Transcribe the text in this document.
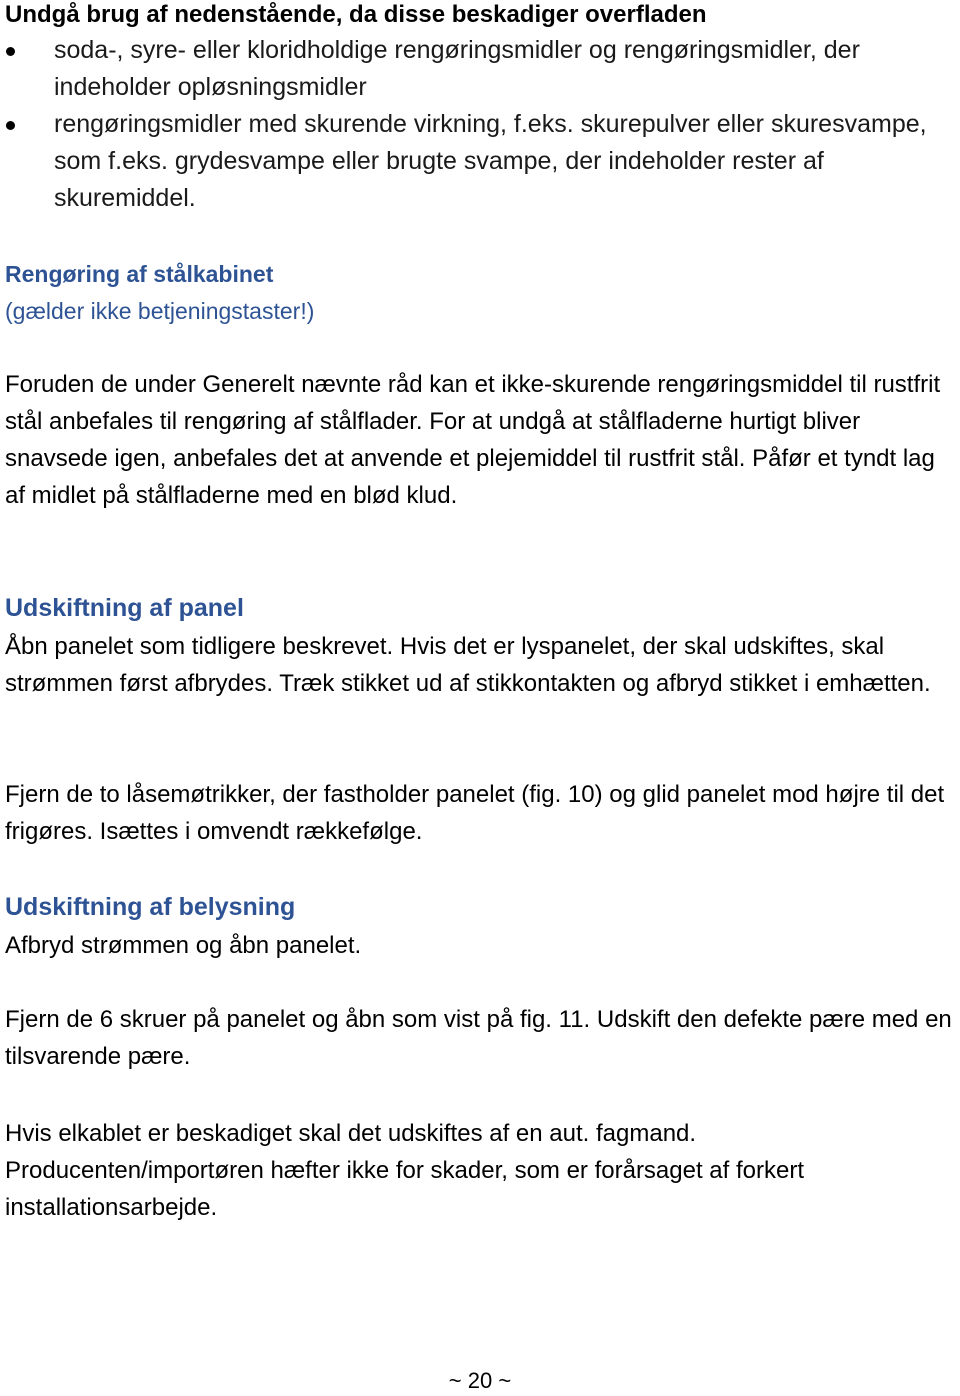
Undgå brug af nedenstående, da disse beskadiger overfladen

soda-, syre- eller kloridholdige rengøringsmidler og rengøringsmidler, der indeholder opløsningsmidler
rengøringsmidler med skurende virkning, f.eks. skurepulver eller skuresvampe, som f.eks. grydesvampe eller brugte svampe, der indeholder rester af skuremiddel.

Rengøring af stålkabinet

(gælder ikke betjeningstaster!)

Foruden de under Generelt nævnte råd kan et ikke-skurende rengøringsmiddel til rustfrit stål anbefales til rengøring af stålflader. For at undgå at stålfladerne hurtigt bliver snavsede igen, anbefales det at anvende et plejemiddel til rustfrit stål. Påfør et tyndt lag af midlet på stålfladerne med en blød klud.

Udskiftning af panel

Åbn panelet som tidligere beskrevet. Hvis det er lyspanelet, der skal udskiftes, skal strømmen først afbrydes. Træk stikket ud af stikkontakten og afbryd stikket i emhætten.

Fjern de to låsemøtrikker, der fastholder panelet (fig. 10) og glid panelet mod højre til det frigøres. Isættes i omvendt rækkefølge.

Udskiftning af belysning

Afbryd strømmen og åbn panelet.

Fjern de 6 skruer på panelet og åbn som vist på fig. 11. Udskift den defekte pære med en tilsvarende pære.

Hvis elkablet er beskadiget skal det udskiftes af en aut. fagmand. Producenten/importøren hæfter ikke for skader, som er forårsaget af forkert installationsarbejde.

~ 20 ~
